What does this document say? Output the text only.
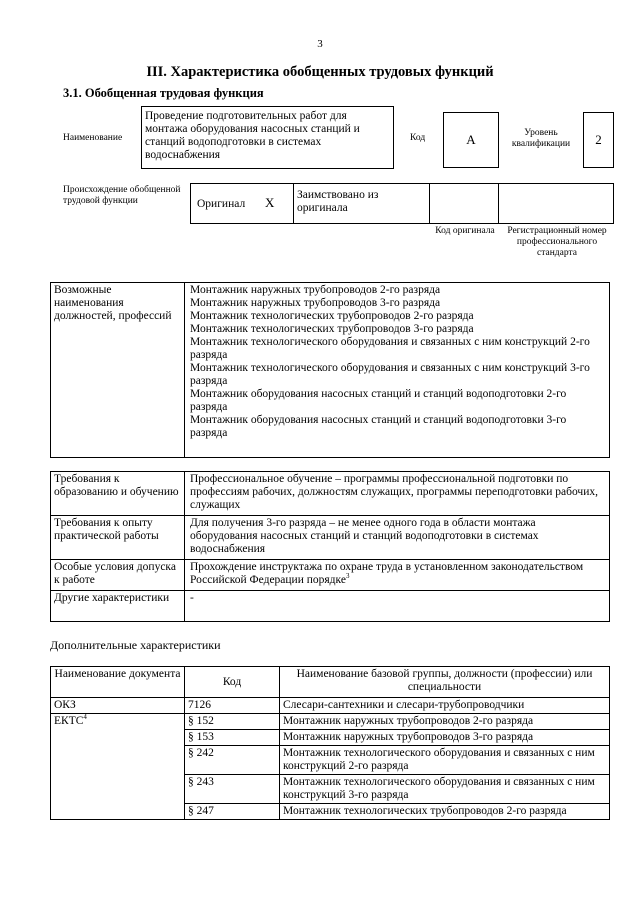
3
III. Характеристика обобщенных трудовых функций
3.1. Обобщенная трудовая функция
Наименование
Проведение подготовительных работ для монтажа оборудования насосных станций и станций водоподготовки в системах водоснабжения
Код	А	Уровень квалификации	2
Происхождение обобщенной трудовой функции	Оригинал Х Заимствовано из оригинала
Код оригинала	Регистрационный номер профессионального стандарта
Возможные наименования должностей, профессий	
Монтажник наружных трубопроводов 2-го разряда
Монтажник наружных трубопроводов 3-го разряда
Монтажник технологических трубопроводов 2-го разряда
Монтажник технологических трубопроводов 3-го разряда
Монтажник технологического оборудования и связанных с ним конструкций 2-го разряда
Монтажник технологического оборудования и связанных с ним конструкций 3-го разряда
Монтажник оборудования насосных станций и станций водоподготовки 2-го разряда
Монтажник оборудования насосных станций и станций водоподготовки 3-го разряда
Требования к образованию и обучению	Профессиональное обучение – программы профессиональной подготовки по профессиям рабочих, должностям служащих, программы переподготовки рабочих, служащих
Требования к опыту практической работы	Для получения 3-го разряда – не менее одного года в области монтажа оборудования насосных станций и станций водоподготовки в системах водоснабжения
Особые условия допуска к работе	Прохождение инструктажа по охране труда в установленном законодательством Российской Федерации порядке$^3$
Другие характеристики	-
Дополнительные характеристики
Наименование документа	Код	Наименование базовой группы, должности (профессии) или специальности
ОКЗ	7126	Слесари-сантехники и слесари-трубопроводчики
ЕКТС$^4$	§ 152	Монтажник наружных трубопроводов 2-го разряда
	§ 153	Монтажник наружных трубопроводов 3-го разряда
	§ 242	Монтажник технологического оборудования и связанных с ним конструкций 2-го разряда
	§ 243	Монтажник технологического оборудования и связанных с ним конструкций 3-го разряда
	§ 247	Монтажник технологических трубопроводов 2-го разряда
